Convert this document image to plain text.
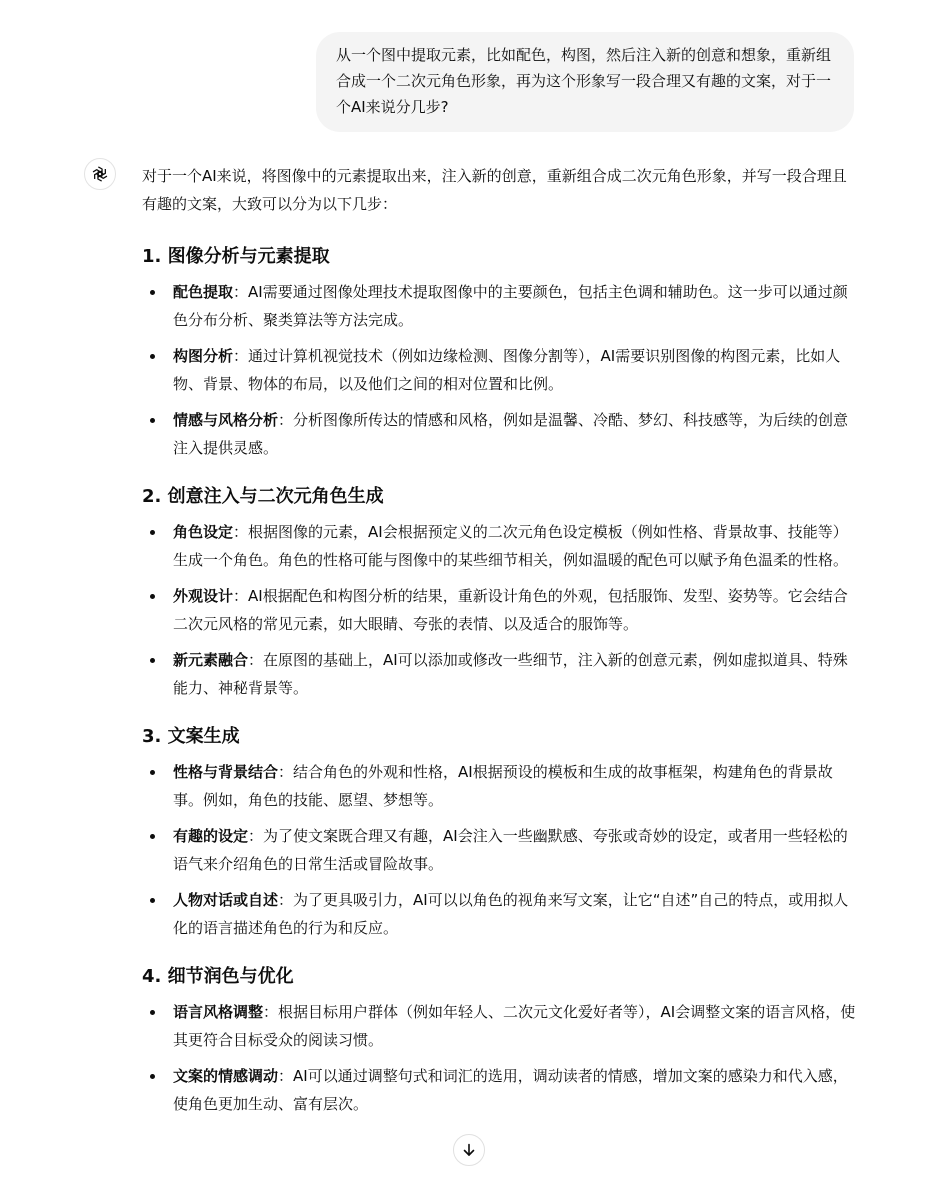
从一个图中提取元素，比如配色，构图，然后注入新的创意和想象，重新组合成一个二次元角色形象，再为这个形象写一段合理又有趣的文案，对于一个AI来说分几步?

对于一个AI来说，将图像中的元素提取出来，注入新的创意，重新组合成二次元角色形象，并写一段合理且有趣的文案，大致可以分为以下几步：

1. 图像分析与元素提取
配色提取：AI需要通过图像处理技术提取图像中的主要颜色，包括主色调和辅助色。这一步可以通过颜色分布分析、聚类算法等方法完成。
构图分析：通过计算机视觉技术（例如边缘检测、图像分割等），AI需要识别图像的构图元素，比如人物、背景、物体的布局，以及他们之间的相对位置和比例。
情感与风格分析：分析图像所传达的情感和风格，例如是温馨、冷酷、梦幻、科技感等，为后续的创意注入提供灵感。
2. 创意注入与二次元角色生成
角色设定：根据图像的元素，AI会根据预定义的二次元角色设定模板（例如性格、背景故事、技能等）生成一个角色。角色的性格可能与图像中的某些细节相关，例如温暖的配色可以赋予角色温柔的性格。
外观设计：AI根据配色和构图分析的结果，重新设计角色的外观，包括服饰、发型、姿势等。它会结合二次元风格的常见元素，如大眼睛、夸张的表情、以及适合的服饰等。
新元素融合：在原图的基础上，AI可以添加或修改一些细节，注入新的创意元素，例如虚拟道具、特殊能力、神秘背景等。
3. 文案生成
性格与背景结合：结合角色的外观和性格，AI根据预设的模板和生成的故事框架，构建角色的背景故事。例如，角色的技能、愿望、梦想等。
有趣的设定：为了使文案既合理又有趣，AI会注入一些幽默感、夸张或奇妙的设定，或者用一些轻松的语气来介绍角色的日常生活或冒险故事。
人物对话或自述：为了更具吸引力，AI可以以角色的视角来写文案，让它“自述”自己的特点，或用拟人化的语言描述角色的行为和反应。
4. 细节润色与优化
语言风格调整：根据目标用户群体（例如年轻人、二次元文化爱好者等），AI会调整文案的语言风格，使其更符合目标受众的阅读习惯。
文案的情感调动：AI可以通过调整句式和词汇的选用，调动读者的情感，增加文案的感染力和代入感，使角色更加生动、富有层次。
